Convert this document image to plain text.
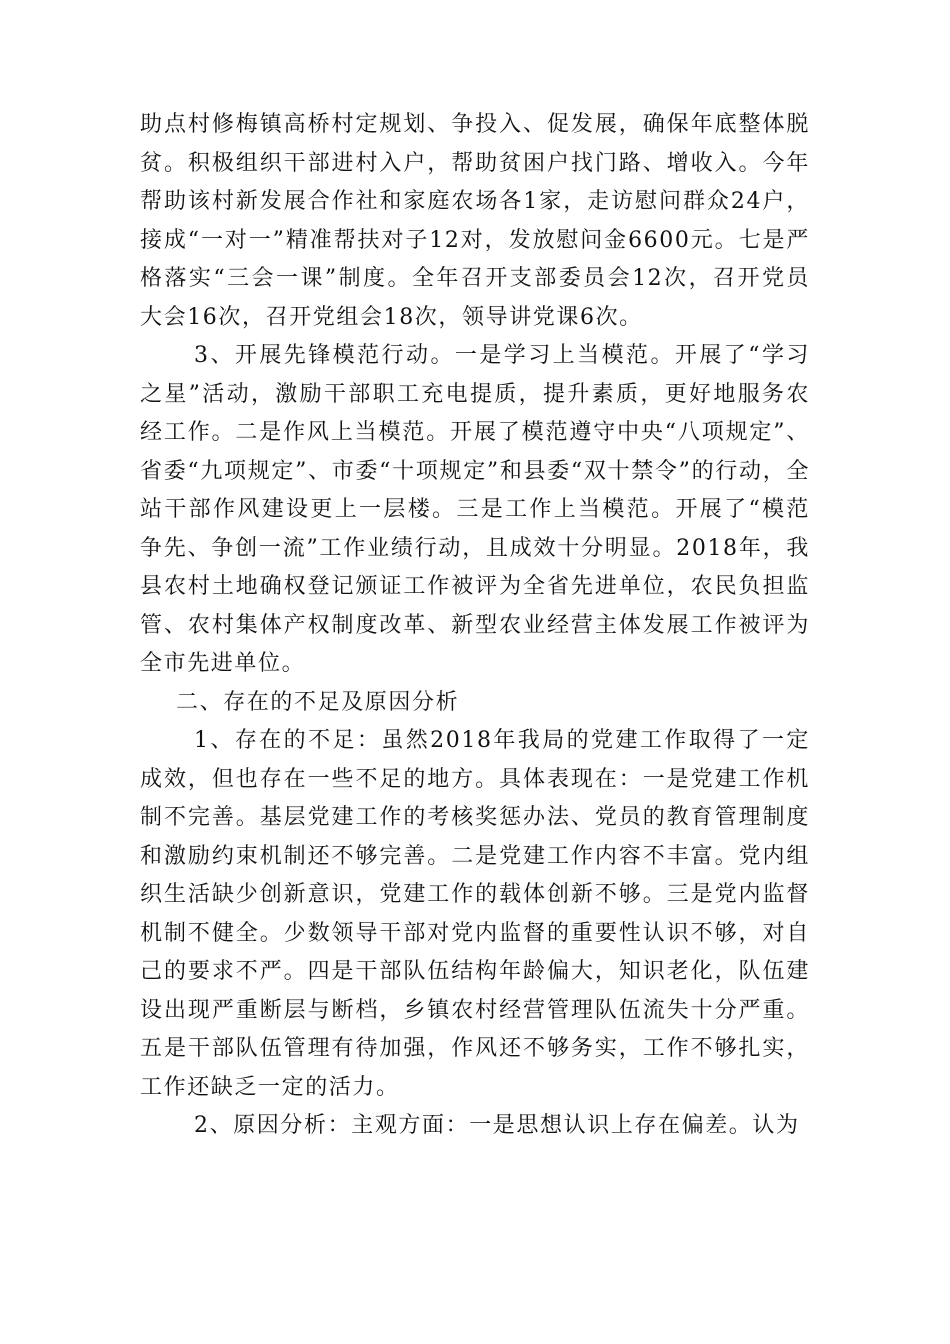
助点村修梅镇高桥村定规划、争投入、促发展，确保年底整体脱贫。积极组织干部进村入户，帮助贫困户找门路、增收入。今年帮助该村新发展合作社和家庭农场各1家，走访慰问群众24户，接成“一对一”精准帮扶对子12对，发放慰问金6600元。七是严格落实“三会一课”制度。全年召开支部委员会12次，召开党员大会16次，召开党组会18次，领导讲党课6次。

3、开展先锋模范行动。一是学习上当模范。开展了“学习之星”活动，激励干部职工充电提质，提升素质，更好地服务农经工作。二是作风上当模范。开展了模范遵守中央“八项规定”、省委“九项规定”、市委“十项规定”和县委“双十禁令”的行动，全站干部作风建设更上一层楼。三是工作上当模范。开展了“模范争先、争创一流”工作业绩行动，且成效十分明显。2018年，我县农村土地确权登记颁证工作被评为全省先进单位，农民负担监管、农村集体产权制度改革、新型农业经营主体发展工作被评为全市先进单位。

二、存在的不足及原因分析

1、存在的不足：虽然2018年我局的党建工作取得了一定成效，但也存在一些不足的地方。具体表现在：一是党建工作机制不完善。基层党建工作的考核奖惩办法、党员的教育管理制度和激励约束机制还不够完善。二是党建工作内容不丰富。党内组织生活缺少创新意识，党建工作的载体创新不够。三是党内监督机制不健全。少数领导干部对党内监督的重要性认识不够，对自己的要求不严。四是干部队伍结构年龄偏大，知识老化，队伍建设出现严重断层与断档，乡镇农村经营管理队伍流失十分严重。五是干部队伍管理有待加强，作风还不够务实，工作不够扎实，工作还缺乏一定的活力。

2、原因分析：主观方面：一是思想认识上存在偏差。认为
